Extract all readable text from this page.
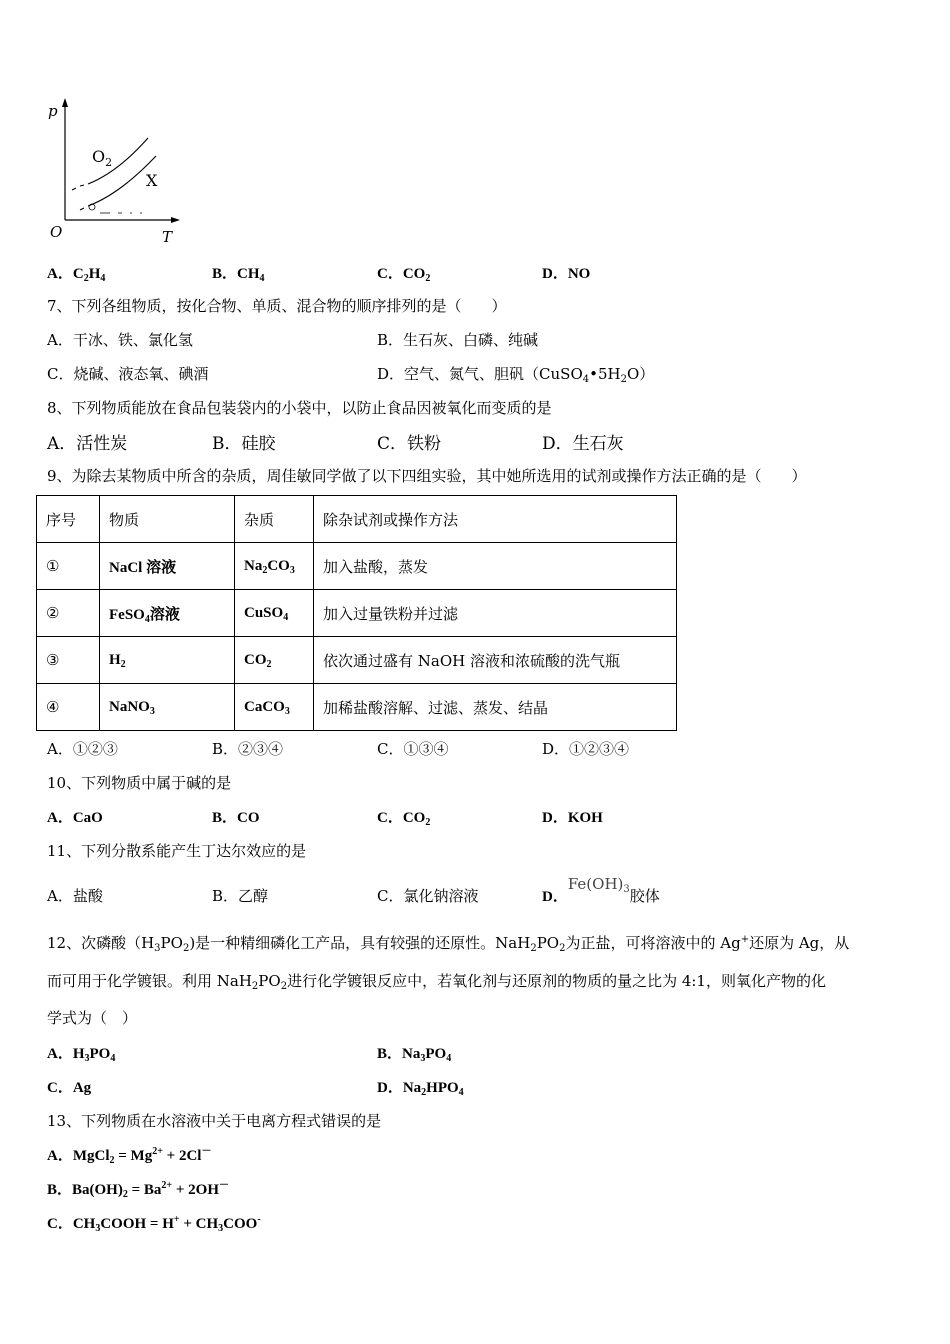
p
T
O
$O_2$
X
A．$C_2H_4$	B．$CH_4$	C．$CO_2$	D．NO
7、下列各组物质，按化合物、单质、混合物的顺序排列的是（　　）
A．干冰、铁、氯化氢	B．生石灰、白磷、纯碱
C．烧碱、液态氧、碘酒	D．空气、氮气、胆矾$(CuSO_4•5H_2O)$
8、下列物质能放在食品包装袋内的小袋中，以防止食品因被氧化而变质的是
A．活性炭	B．硅胶	C．铁粉	D．生石灰
9、为除去某物质中所含的杂质，周佳敏同学做了以下四组实验，其中她所选用的试剂或操作方法正确的是（　　）
序号	物质	杂质	除杂试剂或操作方法
①	NaCl 溶液	$Na_2CO_3$	加入盐酸，蒸发
②	FeSO$_4$溶液	CuSO$_4$	加入过量铁粉并过滤
③	$H_2$	$CO_2$	依次通过盛有 NaOH 溶液和浓硫酸的洗气瓶
④	NaNO$_3$	CaCO$_3$	加稀盐酸溶解、过滤、蒸发、结晶
A．①②③	B．②③④	C．①③④	D．①②③④
10、下列物质中属于碱的是
A．CaO	B．CO	C．$CO_2$	D．KOH
11、下列分散系能产生丁达尔效应的是
A．盐酸	B．乙醇	C．氯化钠溶液	D．$Fe(OH)_3$胶体
12、次磷酸$(H_3PO_2)$是一种精细磷化工产品，具有较强的还原性。$NaH_2PO_2$为正盐，可将溶液中的 Ag+还原为 Ag，从
而可用于化学镀银。利用 $NaH_2PO_2$进行化学镀银反应中，若氧化剂与还原剂的物质的量之比为 4:1，则氧化产物的化
学式为（　）
A．$H_3PO_4$	B．$Na_3PO_4$
C．Ag	D．$Na_2HPO_4$
13、下列物质在水溶液中关于电离方程式错误的是
A．MgCl$_2$ = $Mg^{2+} + 2Cl^-$
B．$Ba(OH)_2 = Ba^{2+} + 2OH^-$
C．$CH_3COOH = H^+ + CH_3COO^-$
